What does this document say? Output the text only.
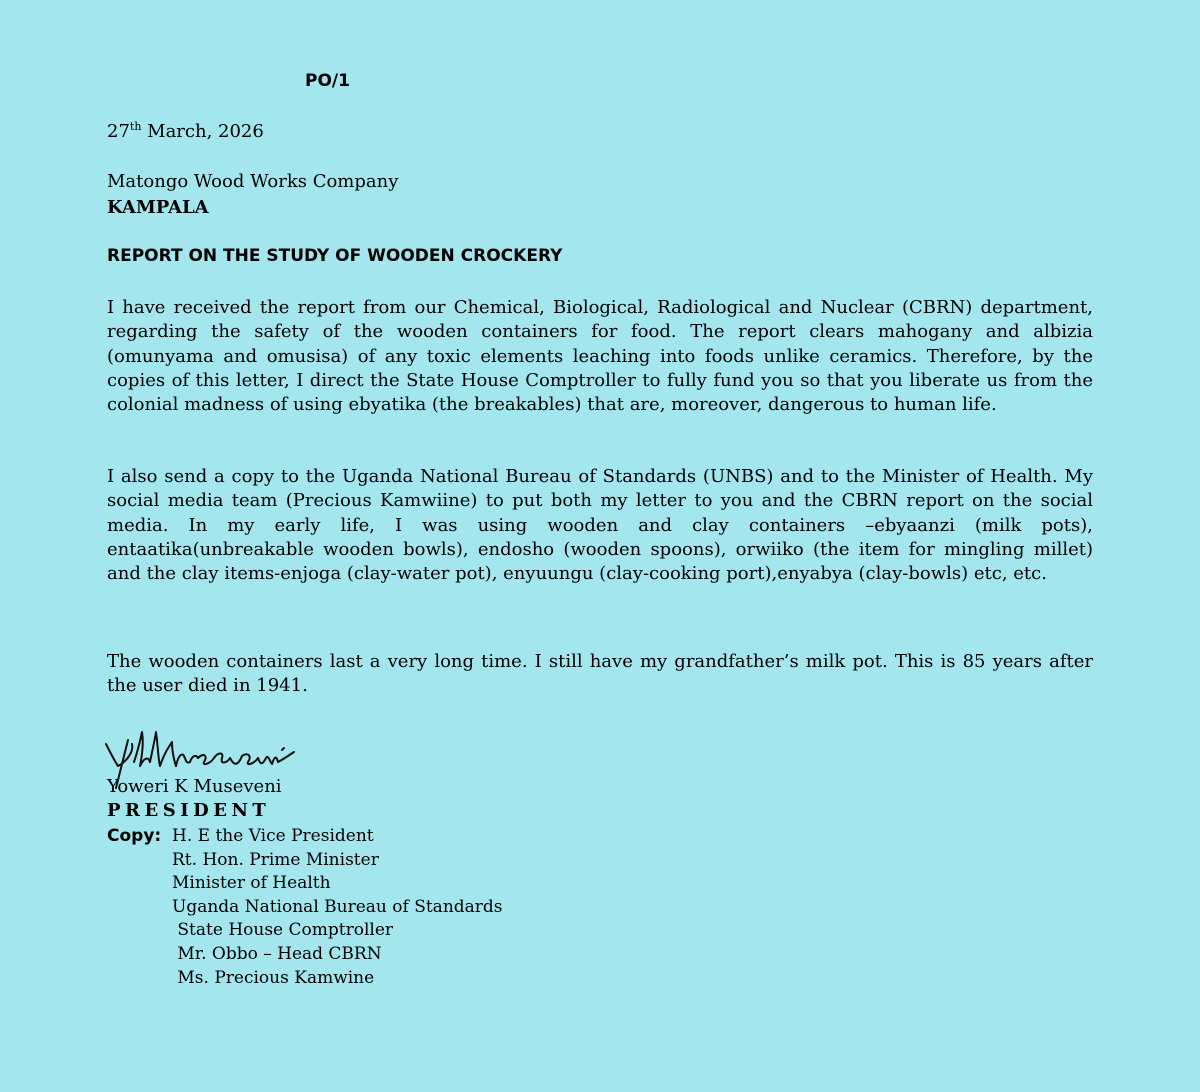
PO/1
27th March, 2026
Matongo Wood Works Company
KAMPALA
REPORT ON THE STUDY OF WOODEN CROCKERY

I have received the report from our Chemical, Biological, Radiological and Nuclear (CBRN) department, regarding the safety of the wooden containers for food. The report clears mahogany and albizia (omunyama and omusisa) of any toxic elements leaching into foods unlike ceramics. Therefore, by the copies of this letter, I direct the State House Comptroller to fully fund you so that you liberate us from the colonial madness of using ebyatika (the breakables) that are, moreover, dangerous to human life.

I also send a copy to the Uganda National Bureau of Standards (UNBS) and to the Minister of Health. My social media team (Precious Kamwiine) to put both my letter to you and the CBRN report on the social media. In my early life, I was using wooden and clay containers –ebyaanzi (milk pots), entaatika(unbreakable wooden bowls), endosho (wooden spoons), orwiiko (the item for mingling millet) and the clay items-enjoga (clay-water pot), enyuungu (clay-cooking port),enyabya (clay-bowls) etc, etc.

The wooden containers last a very long time. I still have my grandfather’s milk pot. This is 85 years after the user died in 1941.

Yoweri K Museveni
PRESIDENT
Copy: H. E the Vice President
Rt. Hon. Prime Minister
Minister of Health
Uganda National Bureau of Standards
State House Comptroller
Mr. Obbo – Head CBRN
Ms. Precious Kamwine
